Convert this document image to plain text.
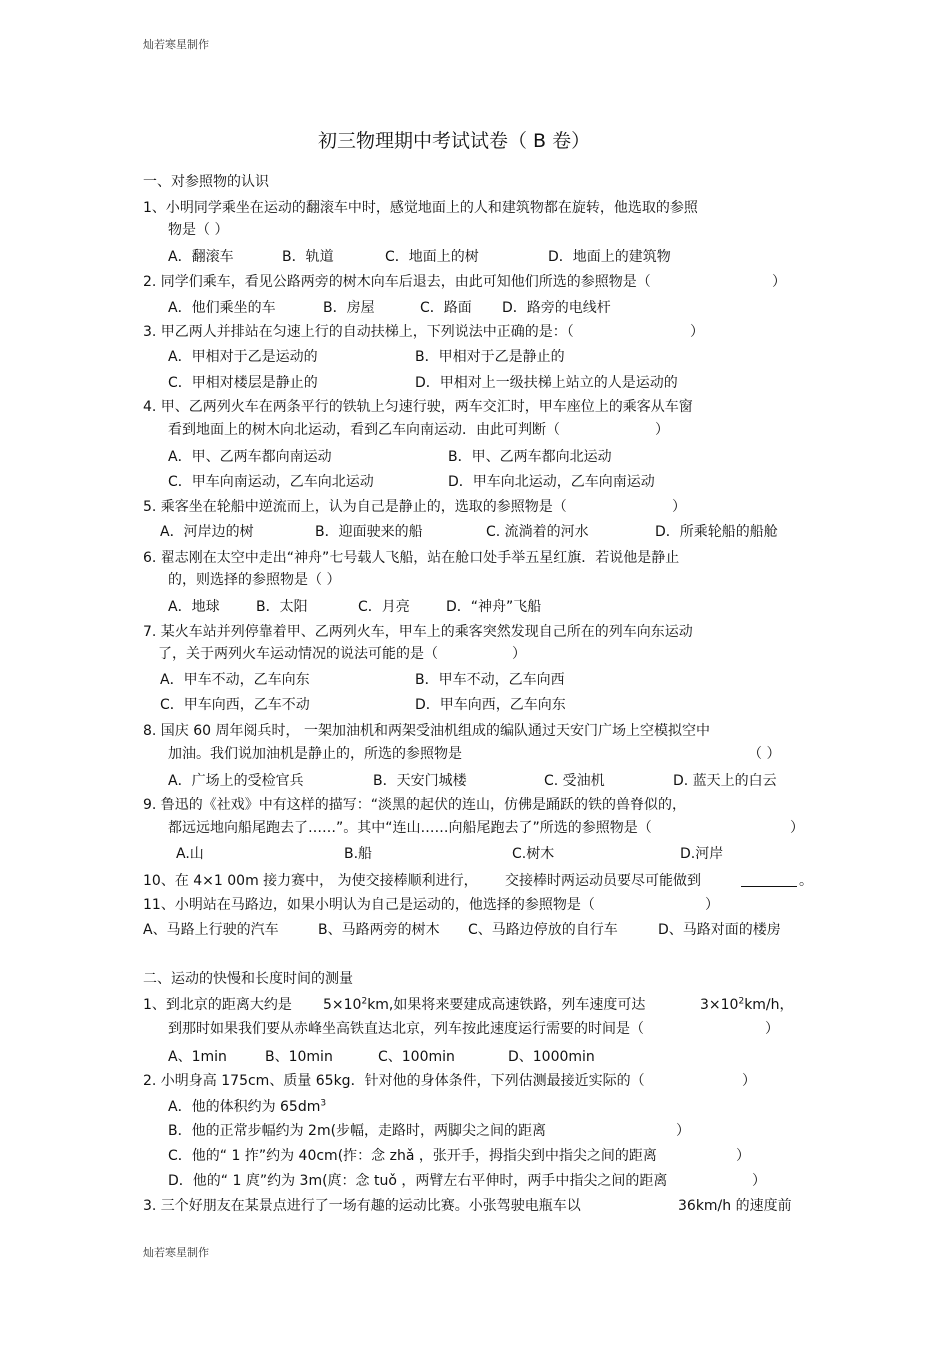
灿若寒星制作
初三物理期中考试试卷（ B 卷）
一、对参照物的认识
1、小明同学乘坐在运动的翻滚车中时，感觉地面上的人和建筑物都在旋转，他选取的参照
物是（ ）
A．翻滚车	B．轨道	C．地面上的树	D．地面上的建筑物
2. 同学们乘车，看见公路两旁的树木向车后退去，由此可知他们所选的参照物是（	）
A．他们乘坐的车	B．房屋	C．路面 D．路旁的电线杆
3. 甲乙两人并排站在匀速上行的自动扶梯上，下列说法中正确的是：（	）
A．甲相对于乙是运动的	B．甲相对于乙是静止的
C．甲相对楼层是静止的	D．甲相对上一级扶梯上站立的人是运动的
4. 甲、乙两列火车在两条平行的铁轨上匀速行驶，两车交汇时，甲车座位上的乘客从车窗
看到地面上的树木向北运动，看到乙车向南运动．由此可判断（	）
A．甲、乙两车都向南运动	B．甲、乙两车都向北运动
C．甲车向南运动，乙车向北运动	D．甲车向北运动，乙车向南运动
5. 乘客坐在轮船中逆流而上，认为自己是静止的，选取的参照物是（	）
A．河岸边的树	B．迎面驶来的船	C. 流淌着的河水	D．所乘轮船的船舱
6. 翟志刚在太空中走出“神舟”七号载人飞船，站在舱口处手举五星红旗．若说他是静止
的，则选择的参照物是（ ）
A．地球	B．太阳	C．月亮	D．“神舟”飞船
7. 某火车站并列停靠着甲、乙两列火车，甲车上的乘客突然发现自己所在的列车向东运动
了，关于两列火车运动情况的说法可能的是（	）
A．甲车不动，乙车向东	B．甲车不动，乙车向西
C．甲车向西，乙车不动	D．甲车向西，乙车向东
8. 国庆 60 周年阅兵时， 一架加油机和两架受油机组成的编队通过天安门广场上空模拟空中
加油。我们说加油机是静止的，所选的参照物是	（ ）
A．广场上的受检官兵	B．天安门城楼	C. 受油机	D. 蓝天上的白云
9. 鲁迅的《社戏》中有这样的描写：“淡黑的起伏的连山，仿佛是踊跃的铁的兽脊似的，
都远远地向船尾跑去了……”。其中“连山……向船尾跑去了”所选的参照物是（	）
A.山	B.船	C.树木	D.河岸
10、在 4×1 00m 接力赛中， 为使交接棒顺利进行， 交接棒时两运动员要尽可能做到	。
11、小明站在马路边，如果小明认为自己是运动的，他选择的参照物是（	）
A、马路上行驶的汽车	B、马路两旁的树木 C、马路边停放的自行车	D、马路对面的楼房
二、运动的快慢和长度时间的测量
1、到北京的距离大约是 $5\times 10^2km$,如果将来要建成高速铁路，列车速度可达	$3\times 10^2km/h$，
到那时如果我们要从赤峰坐高铁直达北京，列车按此速度运行需要的时间是（	）
A、1min	B、10min	C、100min	D、1000min
2. 小明身高 175cm、质量 65kg．针对他的身体条件，下列估测最接近实际的（	）
A．他的体积约为 $65dm^3$
B．他的正常步幅约为 2m(步幅，走路时，两脚尖之间的距离	）
C．他的“ 1 拃”约为 40cm(拃：念 zhǎ ，张开手，拇指尖到中指尖之间的距离	）
D．他的“ 1 庹”约为 3m(庹：念 tuǒ ，两臂左右平伸时，两手中指尖之间的距离	）
3. 三个好朋友在某景点进行了一场有趣的运动比赛。小张驾驶电瓶车以	36km/h 的速度前
灿若寒星制作
